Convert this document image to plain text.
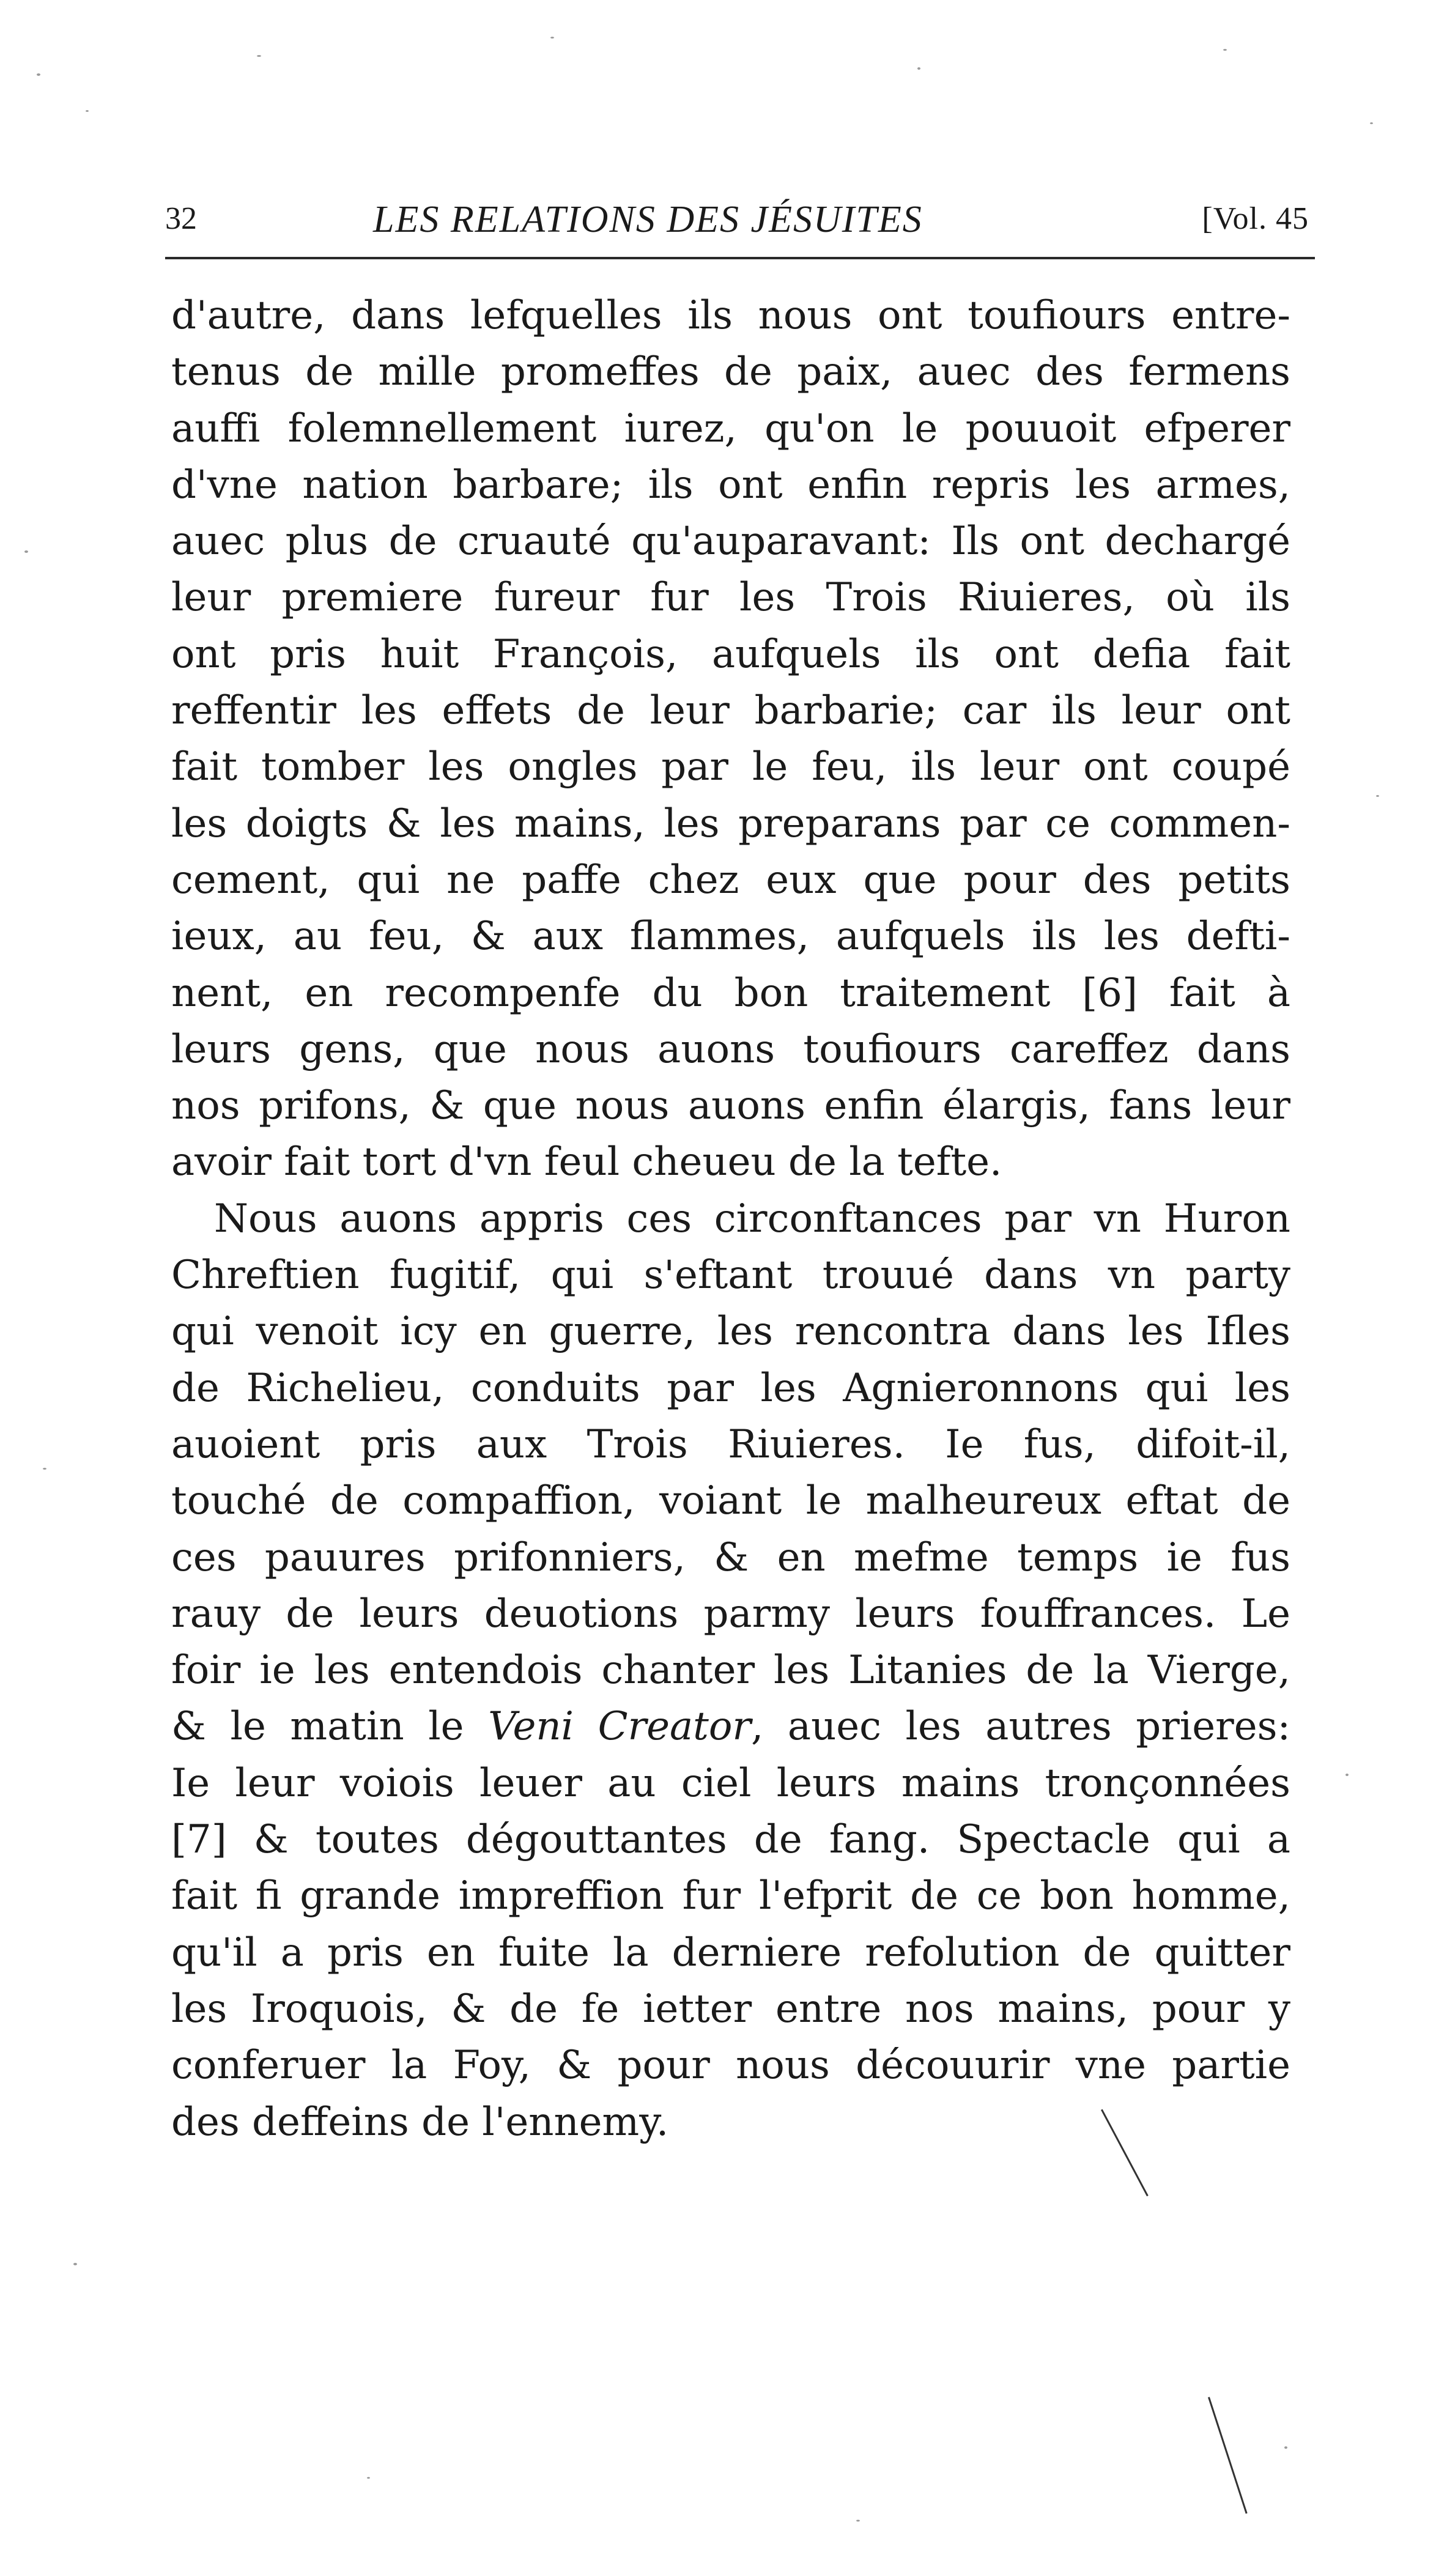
32	LES RELATIONS DES JÉSUITES	[Vol. 45
d'autre, dans lefquelles ils nous ont toufiours entre-
tenus de mille promeffes de paix, auec des fermens
auffi folemnellement iurez, qu'on le pouuoit efperer
d'vne nation barbare; ils ont enfin repris les armes,
auec plus de cruauté qu'auparavant: Ils ont dechargé
leur premiere fureur fur les Trois Riuieres, où ils
ont pris huit François, aufquels ils ont defia fait
reffentir les effets de leur barbarie; car ils leur ont
fait tomber les ongles par le feu, ils leur ont coupé
les doigts & les mains, les preparans par ce commen-
cement, qui ne paffe chez eux que pour des petits
ieux, au feu, & aux flammes, aufquels ils les defti-
nent, en recompenfe du bon traitement [6] fait à
leurs gens, que nous auons toufiours careffez dans
nos prifons, & que nous auons enfin élargis, fans leur
avoir fait tort d'vn feul cheueu de la tefte.
Nous auons appris ces circonftances par vn Huron
Chreftien fugitif, qui s'eftant trouué dans vn party
qui venoit icy en guerre, les rencontra dans les Ifles
de Richelieu, conduits par les Agnieronnons qui les
auoient pris aux Trois Riuieres. Ie fus, difoit-il,
touché de compaffion, voiant le malheureux eftat de
ces pauures prifonniers, & en mefme temps ie fus
rauy de leurs deuotions parmy leurs fouffrances. Le
foir ie les entendois chanter les Litanies de la Vierge,
& le matin le Veni Creator, auec les autres prieres:
Ie leur voiois leuer au ciel leurs mains tronçonnées
[7] & toutes dégouttantes de fang. Spectacle qui a
fait fi grande impreffion fur l'efprit de ce bon homme,
qu'il a pris en fuite la derniere refolution de quitter
les Iroquois, & de fe ietter entre nos mains, pour y
conferuer la Foy, & pour nous découurir vne partie
des deffeins de l'ennemy.
